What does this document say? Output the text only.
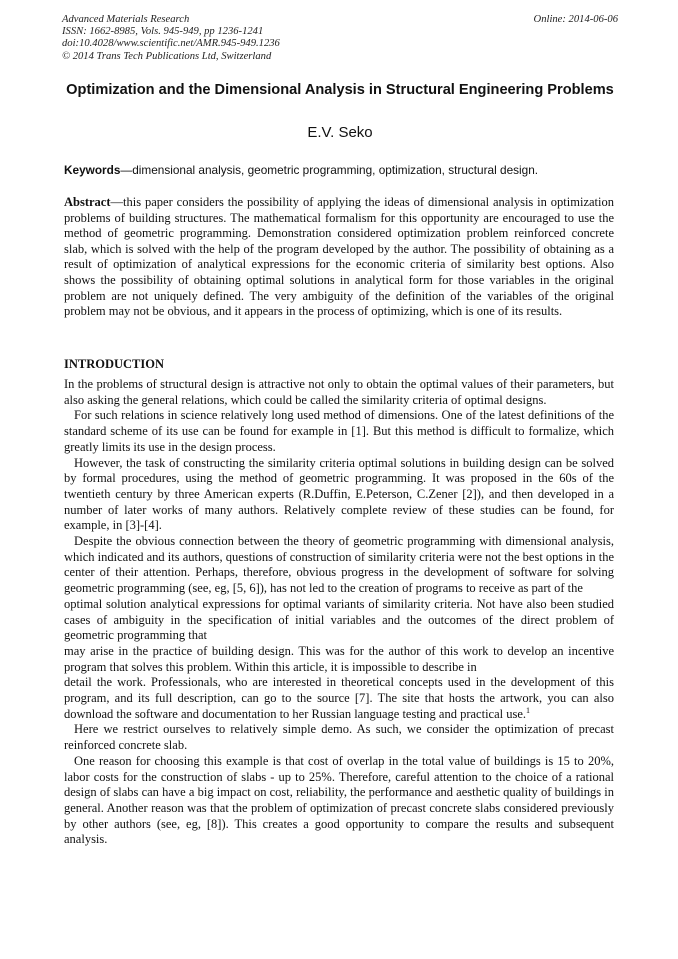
Advanced Materials Research
ISSN: 1662-8985, Vols. 945-949, pp 1236-1241
doi:10.4028/www.scientific.net/AMR.945-949.1236
© 2014 Trans Tech Publications Ltd, Switzerland
Online: 2014-06-06
Optimization and the Dimensional Analysis in Structural Engineering Problems
E.V. Seko
Keywords—dimensional analysis, geometric programming, optimization, structural design.
Abstract—this paper considers the possibility of applying the ideas of dimensional analysis in optimization problems of building structures. The mathematical formalism for this opportunity are encouraged to use the method of geometric programming. Demonstration considered optimization problem reinforced concrete slab, which is solved with the help of the program developed by the author. The possibility of obtaining as a result of optimization of analytical expressions for the economic criteria of similarity best options. Also shows the possibility of obtaining optimal solutions in analytical form for those variables in the original problem are not uniquely defined. The very ambiguity of the definition of the variables of the original problem may not be obvious, and it appears in the process of optimizing, which is one of its results.
INTRODUCTION

In the problems of structural design is attractive not only to obtain the optimal values of their parameters, but also asking the general relations, which could be called the similarity criteria of optimal designs.

For such relations in science relatively long used method of dimensions. One of the latest definitions of the standard scheme of its use can be found for example in [1]. But this method is difficult to formalize, which greatly limits its use in the design process.

However, the task of constructing the similarity criteria optimal solutions in building design can be solved by formal procedures, using the method of geometric programming. It was proposed in the 60s of the twentieth century by three American experts (R.Duffin, E.Peterson, C.Zener [2]), and then developed in a number of later works of many authors. Relatively complete review of these studies can be found, for example, in [3]-[4].

Despite the obvious connection between the theory of geometric programming with dimensional analysis, which indicated and its authors, questions of construction of similarity criteria were not the best options in the center of their attention. Perhaps, therefore, obvious progress in the development of software for solving geometric programming (see, eg, [5, 6]), has not led to the creation of programs to receive as part of the

optimal solution analytical expressions for optimal variants of similarity criteria. Not have also been studied cases of ambiguity in the specification of initial variables and the outcomes of the direct problem of geometric programming that

may arise in the practice of building design. This was for the author of this work to develop an incentive program that solves this problem. Within this article, it is impossible to describe in

detail the work. Professionals, who are interested in theoretical concepts used in the development of this program, and its full description, can go to the source [7]. The site that hosts the artwork, you can also download the software and documentation to her Russian language testing and practical use.$^1$

Here we restrict ourselves to relatively simple demo. As such, we consider the optimization of precast reinforced concrete slab.

One reason for choosing this example is that cost of overlap in the total value of buildings is 15 to 20%, labor costs for the construction of slabs - up to 25%. Therefore, careful attention to the choice of a rational design of slabs can have a big impact on cost, reliability, the performance and aesthetic quality of buildings in general. Another reason was that the problem of optimization of precast concrete slabs considered previously by other authors (see, eg, [8]). This creates a good opportunity to compare the results and subsequent analysis.
